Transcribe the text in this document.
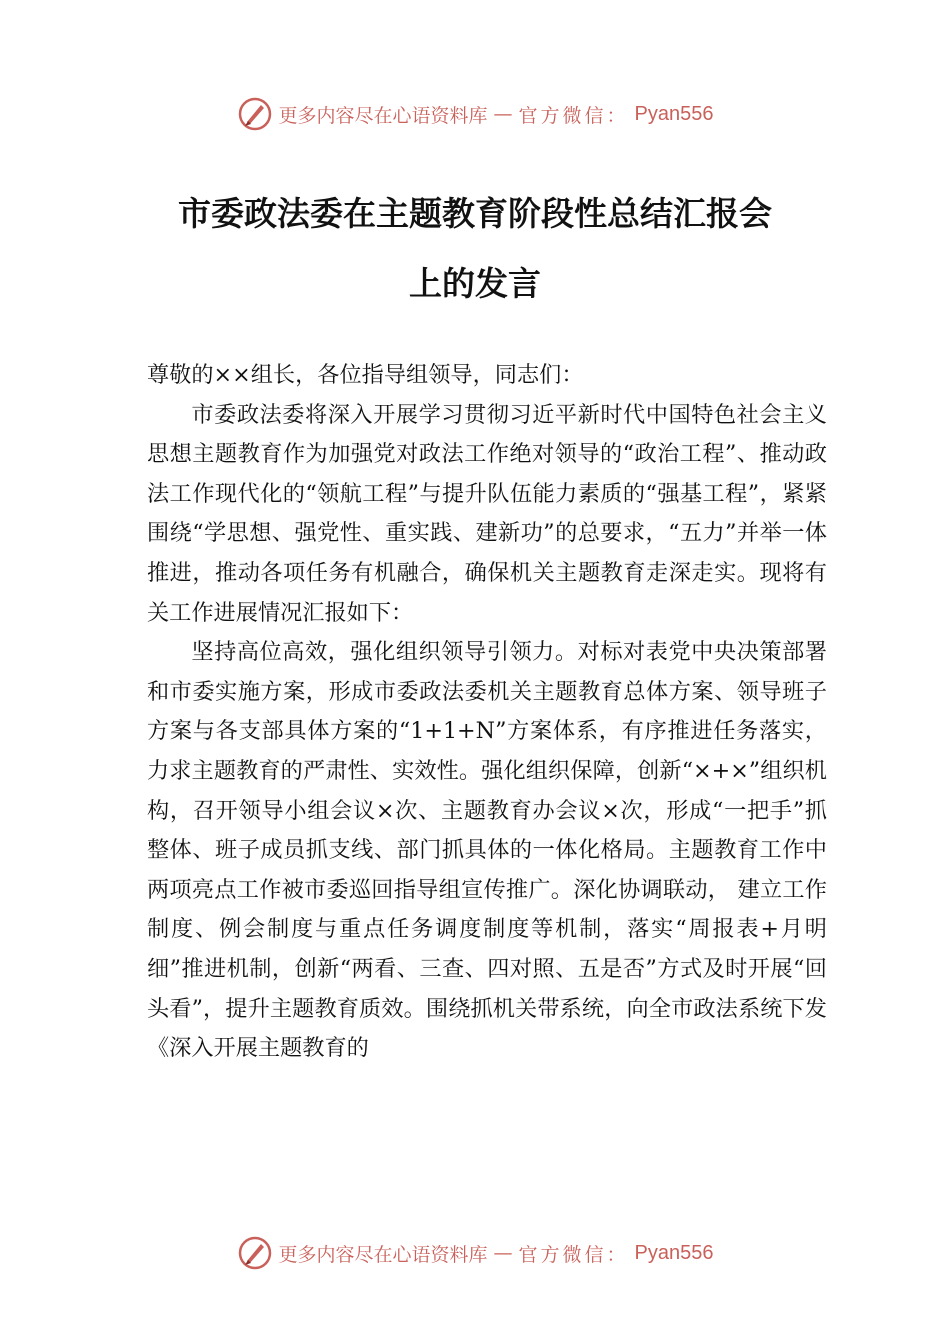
更多内容尽在心语资料库 — 官方微信： Pyan556
市委政法委在主题教育阶段性总结汇报会
上的发言

尊敬的××组长，各位指导组领导，同志们：

市委政法委将深入开展学习贯彻习近平新时代中国特色社会主义思想主题教育作为加强党对政法工作绝对领导的“政治工程”、推动政法工作现代化的“领航工程”与提升队伍能力素质的“强基工程”，紧紧围绕“学思想、强党性、重实践、建新功”的总要求，“五力”并举一体推进，推动各项任务有机融合，确保机关主题教育走深走实。现将有关工作进展情况汇报如下：

坚持高位高效，强化组织领导引领力。对标对表党中央决策部署和市委实施方案，形成市委政法委机关主题教育总体方案、领导班子方案与各支部具体方案的“1+1+N”方案体系，有序推进任务落实，力求主题教育的严肃性、实效性。强化组织保障，创新“×+×”组织机构，召开领导小组会议×次、主题教育办会议×次，形成“一把手”抓整体、班子成员抓支线、部门抓具体的一体化格局。主题教育工作中两项亮点工作被市委巡回指导组宣传推广。深化协调联动， 建立工作制度、例会制度与重点任务调度制度等机制，落实“周报表+月明细”推进机制，创新“两看、三查、四对照、五是否”方式及时开展“回头看”，提升主题教育质效。围绕抓机关带系统，向全市政法系统下发《深入开展主题教育的

更多内容尽在心语资料库 — 官方微信： Pyan556
